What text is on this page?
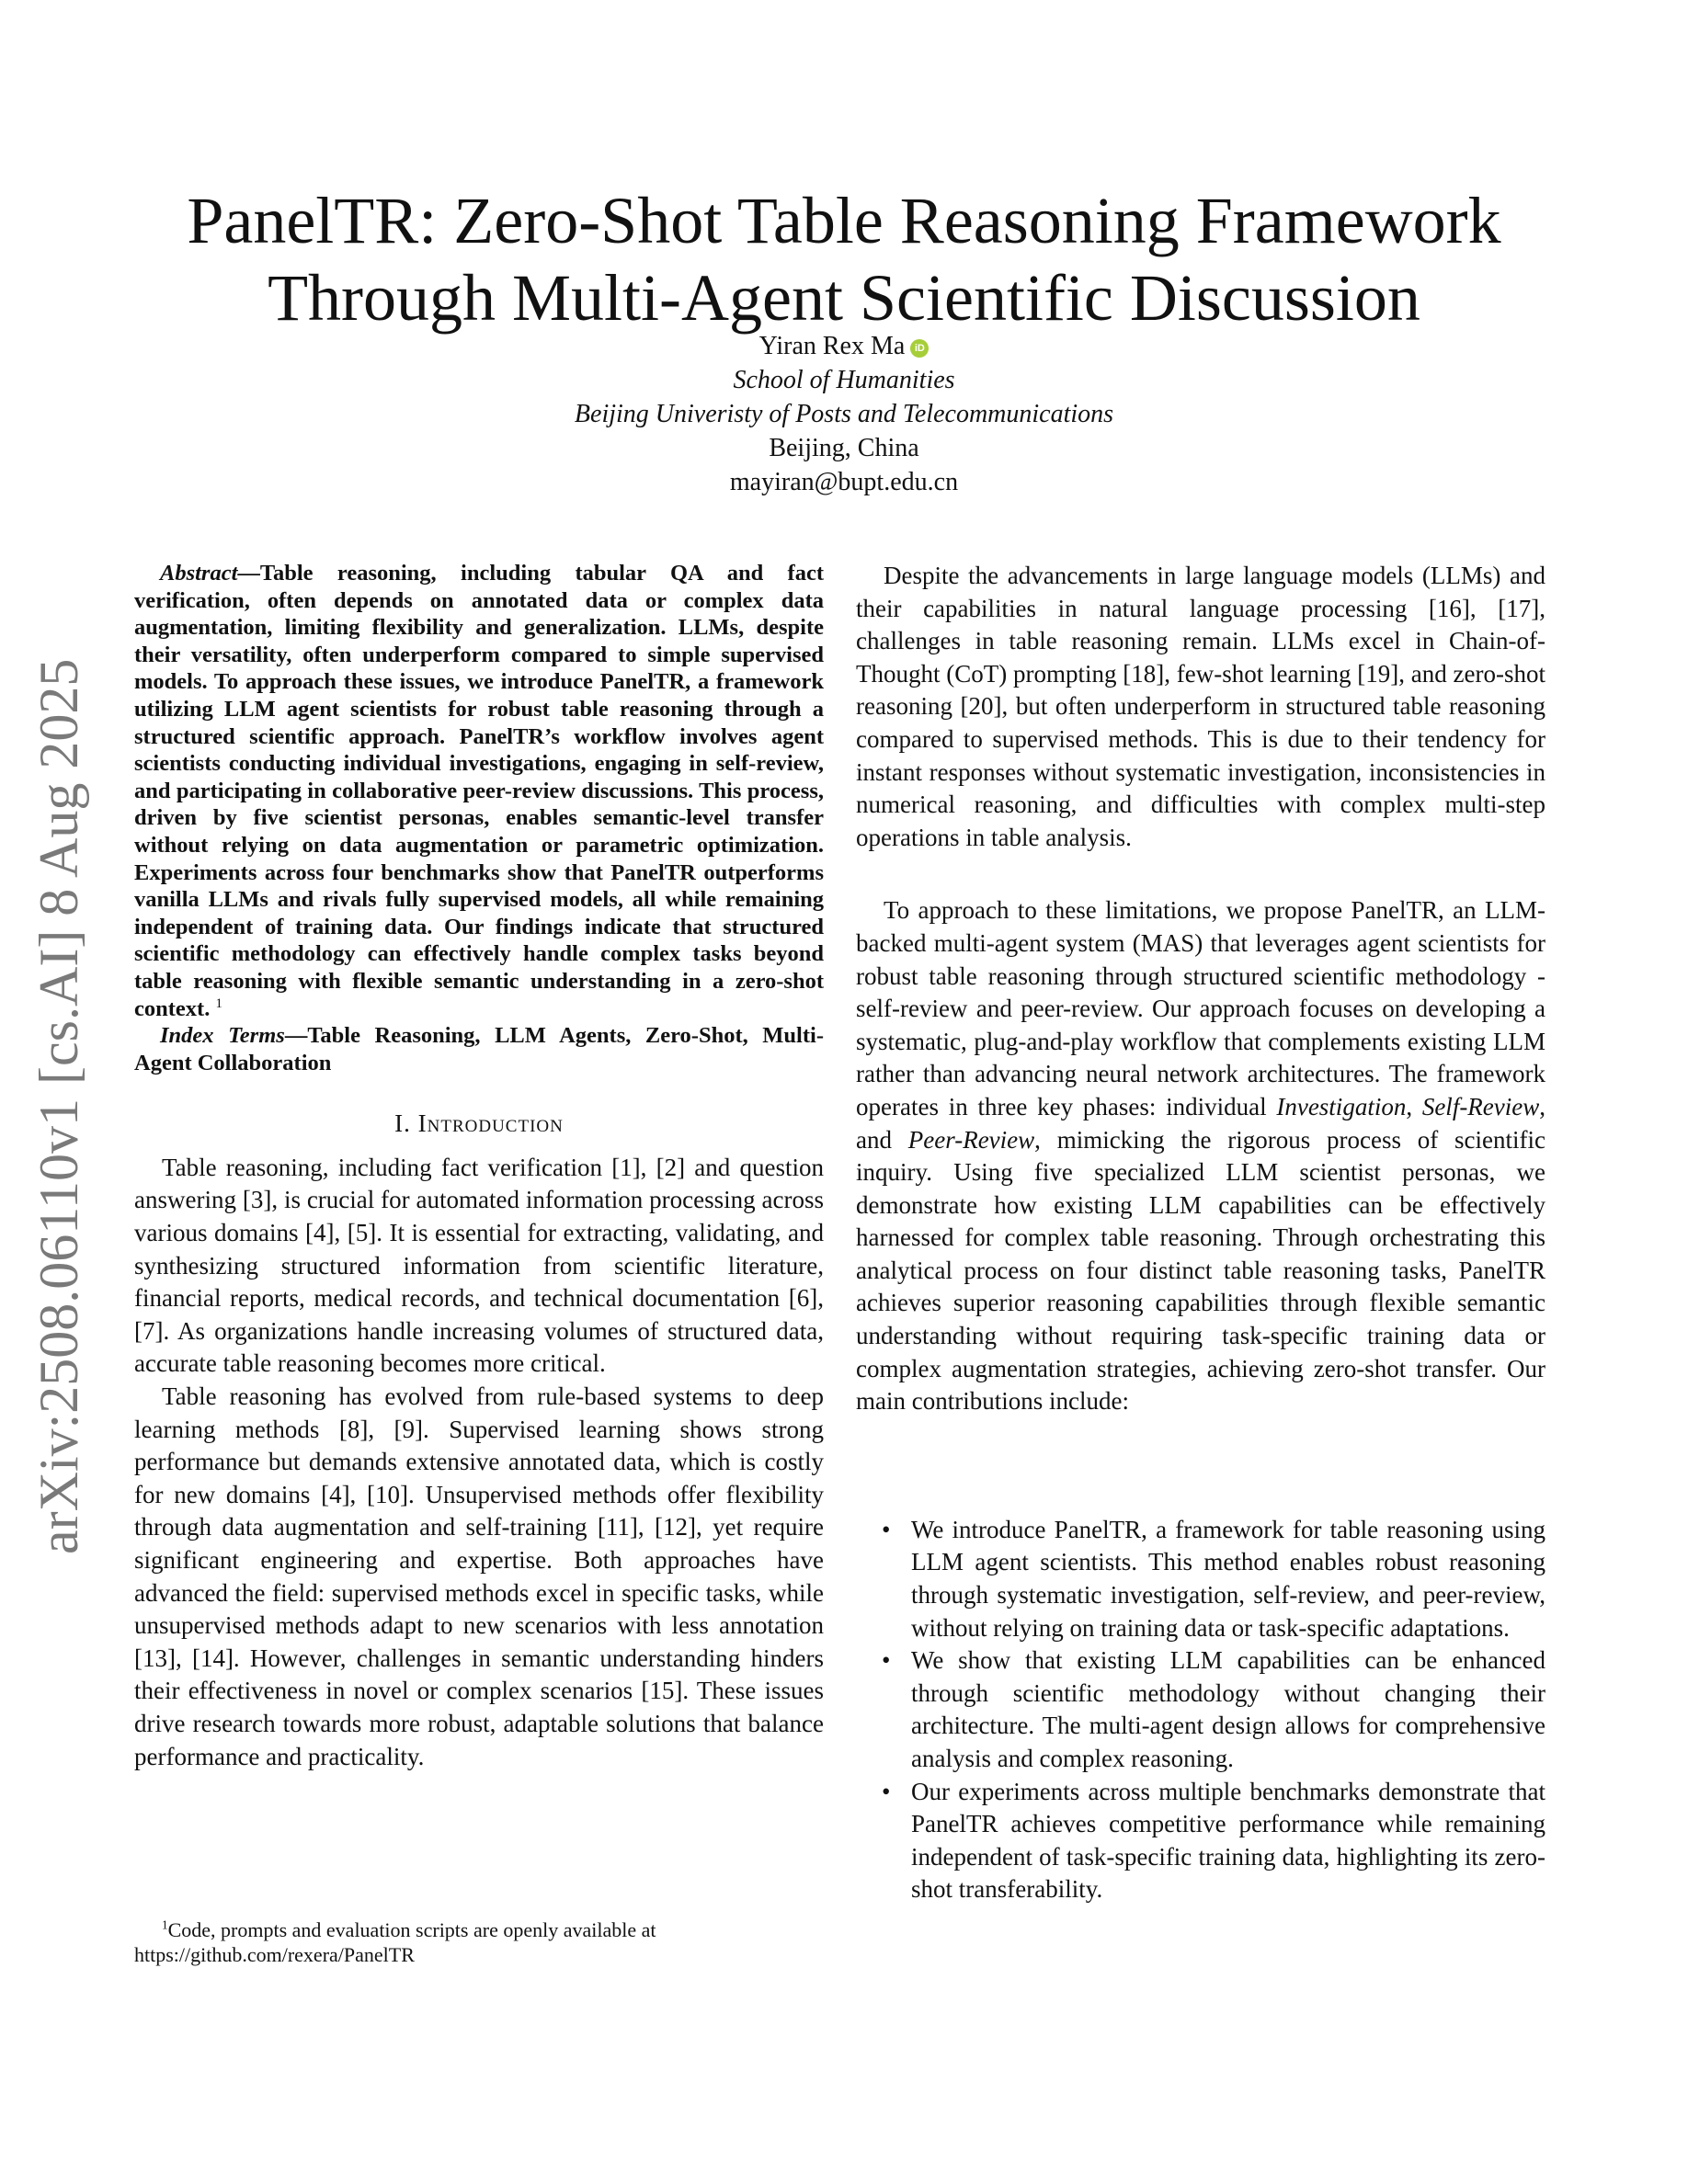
arXiv:2508.06110v1 [cs.AI] 8 Aug 2025
PanelTR: Zero-Shot Table Reasoning Framework
Through Multi-Agent Scientific Discussion
Yiran Rex Ma iD
School of Humanities
Beijing Univeristy of Posts and Telecommunications
Beijing, China
mayiran@bupt.edu.cn

Abstract—Table reasoning, including tabular QA and fact verification, often depends on annotated data or complex data augmentation, limiting flexibility and generalization. LLMs, despite their versatility, often underperform compared to simple supervised models. To approach these issues, we introduce PanelTR, a framework utilizing LLM agent scientists for robust table reasoning through a structured scientific approach. PanelTR’s workflow involves agent scientists conducting individual investigations, engaging in self-review, and participating in collaborative peer-review discussions. This process, driven by five scientist personas, enables semantic-level transfer without relying on data augmentation or parametric optimization. Experiments across four benchmarks show that PanelTR outperforms vanilla LLMs and rivals fully supervised models, all while remaining independent of training data. Our findings indicate that structured scientific methodology can effectively handle complex tasks beyond table reasoning with flexible semantic understanding in a zero-shot context. $^1$

Index Terms—Table Reasoning, LLM Agents, Zero-Shot, Multi-Agent Collaboration

I. Introduction

Table reasoning, including fact verification [1], [2] and question answering [3], is crucial for automated information processing across various domains [4], [5]. It is essential for extracting, validating, and synthesizing structured information from scientific literature, financial reports, medical records, and technical documentation [6], [7]. As organizations handle increasing volumes of structured data, accurate table reasoning becomes more critical.

Table reasoning has evolved from rule-based systems to deep learning methods [8], [9]. Supervised learning shows strong performance but demands extensive annotated data, which is costly for new domains [4], [10]. Unsupervised methods offer flexibility through data augmentation and self-training [11], [12], yet require significant engineering and expertise. Both approaches have advanced the field: supervised methods excel in specific tasks, while unsupervised methods adapt to new scenarios with less annotation [13], [14]. However, challenges in semantic understanding hinders their effectiveness in novel or complex scenarios [15]. These issues drive research towards more robust, adaptable solutions that balance performance and practicality.

$^1$Code, prompts and evaluation scripts are openly available at
https://github.com/rexera/PanelTR

Despite the advancements in large language models (LLMs) and their capabilities in natural language processing [16], [17], challenges in table reasoning remain. LLMs excel in Chain-of-Thought (CoT) prompting [18], few-shot learning [19], and zero-shot reasoning [20], but often underperform in structured table reasoning compared to supervised methods. This is due to their tendency for instant responses without systematic investigation, inconsistencies in numerical reasoning, and difficulties with complex multi-step operations in table analysis.

To approach to these limitations, we propose PanelTR, an LLM-backed multi-agent system (MAS) that leverages agent scientists for robust table reasoning through structured scientific methodology - self-review and peer-review. Our approach focuses on developing a systematic, plug-and-play workflow that complements existing LLM rather than advancing neural network architectures. The framework operates in three key phases: individual Investigation, Self-Review, and Peer-Review, mimicking the rigorous process of scientific inquiry. Using five specialized LLM scientist personas, we demonstrate how existing LLM capabilities can be effectively harnessed for complex table reasoning. Through orchestrating this analytical process on four distinct table reasoning tasks, PanelTR achieves superior reasoning capabilities through flexible semantic understanding without requiring task-specific training data or complex augmentation strategies, achieving zero-shot transfer. Our main contributions include:

• We introduce PanelTR, a framework for table reasoning using LLM agent scientists. This method enables robust reasoning through systematic investigation, self-review, and peer-review, without relying on training data or task-specific adaptations.
• We show that existing LLM capabilities can be enhanced through scientific methodology without changing their architecture. The multi-agent design allows for comprehensive analysis and complex reasoning.
• Our experiments across multiple benchmarks demonstrate that PanelTR achieves competitive performance while remaining independent of task-specific training data, highlighting its zero-shot transferability.
